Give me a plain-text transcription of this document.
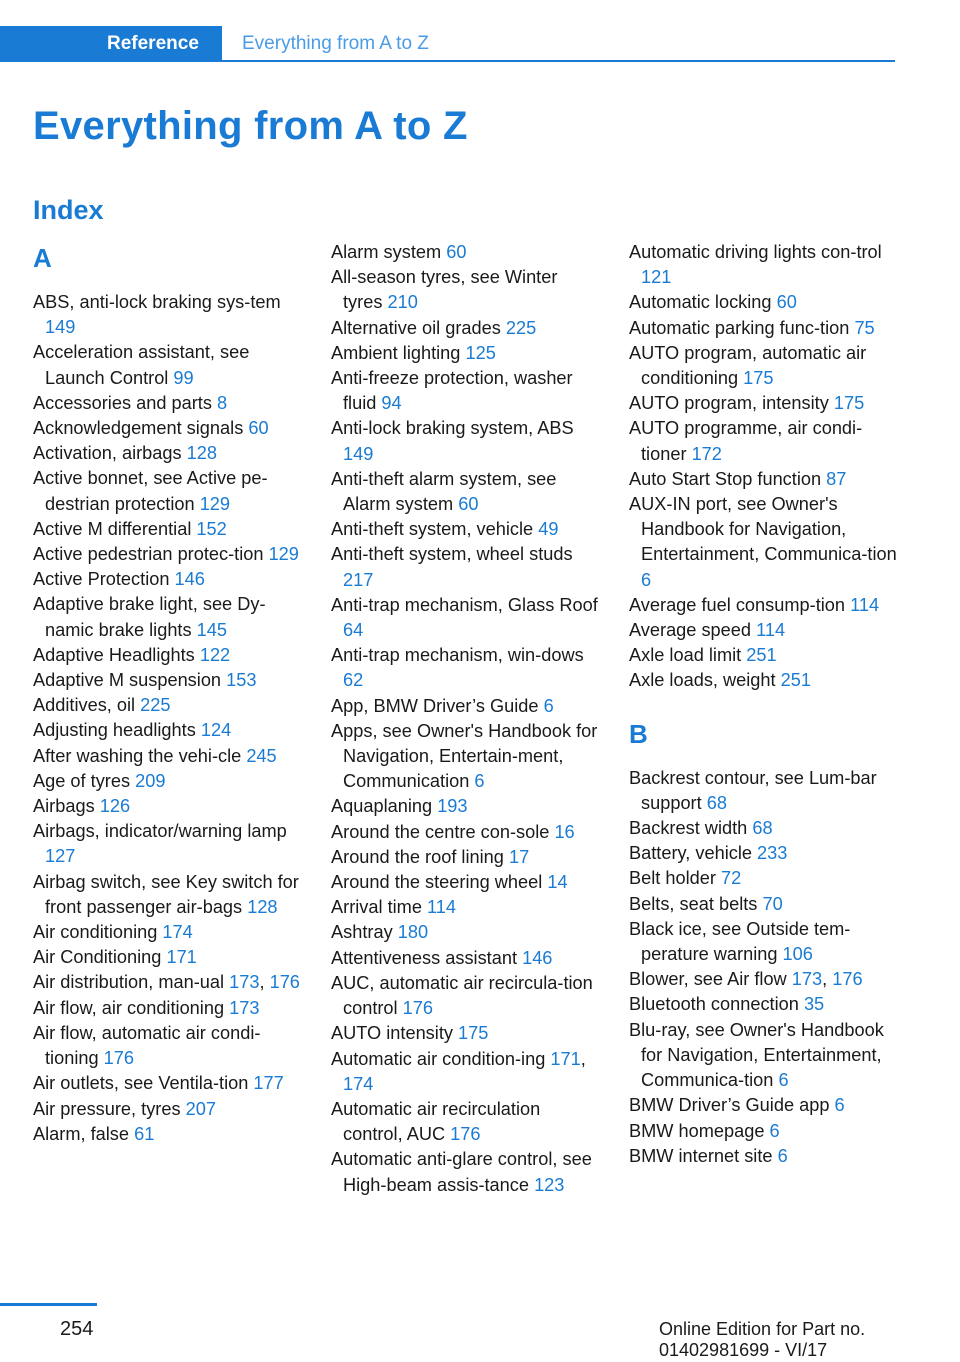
Reference Everything from A to Z
Everything from A to Z
Index
A
ABS, anti-lock braking sys‐tem 149
Acceleration assistant, see Launch Control 99
Accessories and parts 8
Acknowledgement signals 60
Activation, airbags 128
Active bonnet, see Active pe‐destrian protection 129
Active M differential 152
Active pedestrian protec‐tion 129
Active Protection 146
Adaptive brake light, see Dy‐namic brake lights 145
Adaptive Headlights 122
Adaptive M suspension 153
Additives, oil 225
Adjusting headlights 124
After washing the vehi‐cle 245
Age of tyres 209
Airbags 126
Airbags, indicator/warning lamp 127
Airbag switch, see Key switch for front passenger air‐bags 128
Air conditioning 174
Air Conditioning 171
Air distribution, man‐ual 173, 176
Air flow, air conditioning 173
Air flow, automatic air condi‐tioning 176
Air outlets, see Ventila‐tion 177
Air pressure, tyres 207
Alarm, false 61
Alarm system 60
All-season tyres, see Winter tyres 210
Alternative oil grades 225
Ambient lighting 125
Anti-freeze protection, washer fluid 94
Anti-lock braking system, ABS 149
Anti-theft alarm system, see Alarm system 60
Anti-theft system, vehicle 49
Anti-theft system, wheel studs 217
Anti-trap mechanism, Glass Roof 64
Anti-trap mechanism, win‐dows 62
App, BMW Driver’s Guide 6
Apps, see Owner's Handbook for Navigation, Entertain‐ment, Communication 6
Aquaplaning 193
Around the centre con‐sole 16
Around the roof lining 17
Around the steering wheel 14
Arrival time 114
Ashtray 180
Attentiveness assistant 146
AUC, automatic air recircula‐tion control 176
AUTO intensity 175
Automatic air condition‐ing 171, 174
Automatic air recirculation control, AUC 176
Automatic anti-glare control, see High-beam assis‐tance 123
Automatic driving lights con‐trol 121
Automatic locking 60
Automatic parking func‐tion 75
AUTO program, automatic air conditioning 175
AUTO program, intensity 175
AUTO programme, air condi‐tioner 172
Auto Start Stop function 87
AUX-IN port, see Owner's Handbook for Navigation, Entertainment, Communica‐tion 6
Average fuel consump‐tion 114
Average speed 114
Axle load limit 251
Axle loads, weight 251
B
Backrest contour, see Lum‐bar support 68
Backrest width 68
Battery, vehicle 233
Belt holder 72
Belts, seat belts 70
Black ice, see Outside tem‐perature warning 106
Blower, see Air flow 173, 176
Bluetooth connection 35
Blu-ray, see Owner's Handbook for Navigation, Entertainment, Communica‐tion 6
BMW Driver’s Guide app 6
BMW homepage 6
BMW internet site 6
254	Online Edition for Part no. 01402981699 - VI/17
